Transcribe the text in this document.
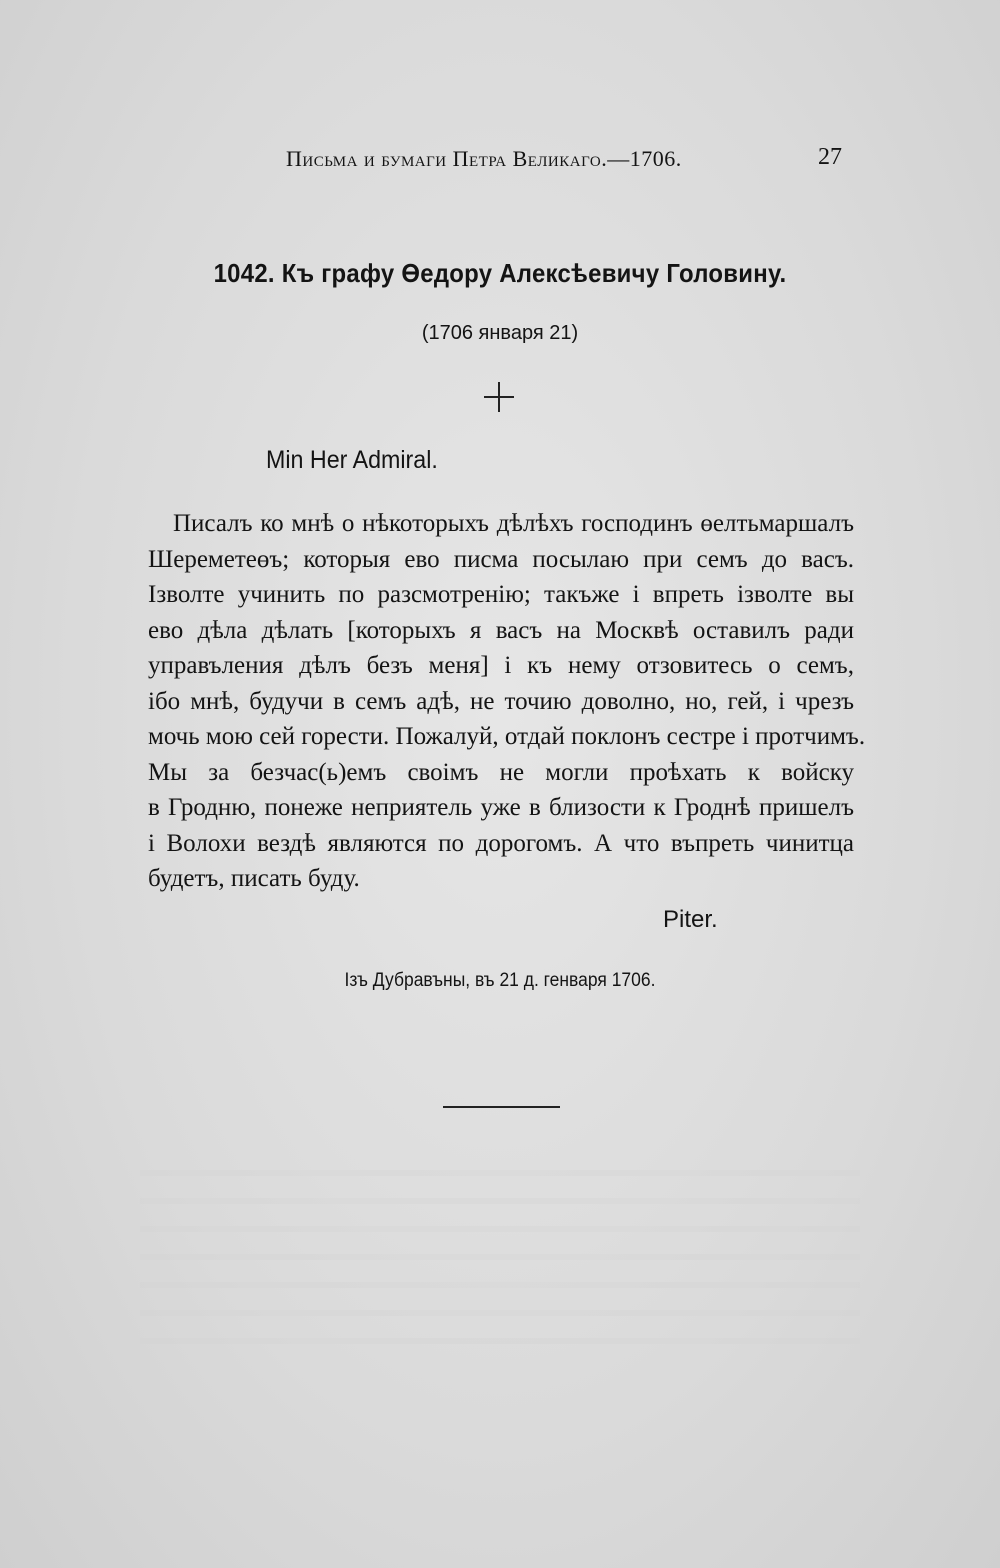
Письма и бумаги Петра Великаго.—1706.	27
1042. Къ графу Өедору Алексѣевичу Головину.
(1706 января 21)
Min Her Admiral.
Писалъ ко мнѣ о нѣкоторыхъ дѣлѣхъ господинъ өелтьмаршалъ
Шереметеөъ; которыя ево писма посылаю при семъ до васъ.
Ізволте учинить по разсмотренію; такъже і впреть ізволте вы
ево дѣла дѣлать [которыхъ я васъ на Москвѣ оставилъ ради
упрaвъления дѣлъ безъ меня] і къ нему отзовитесь о семъ,
ібо мнѣ, будучи в семъ адѣ, не точию доволно, но, гей, і чрезъ
мочь мою сей горести. Пожалуй, отдай поклонъ сестре і протчимъ.
Мы за безчас(ь)емъ своімъ не могли проѣхать к войску
в Гродню, понеже неприятель уже в близости к Гроднѣ пришелъ
і Волохи вездѣ являются по дорогомъ. А что въпреть чинитца
будетъ, писать буду.
Piter.
Ізъ Дубравъны, въ 21 д. генваря 1706.
